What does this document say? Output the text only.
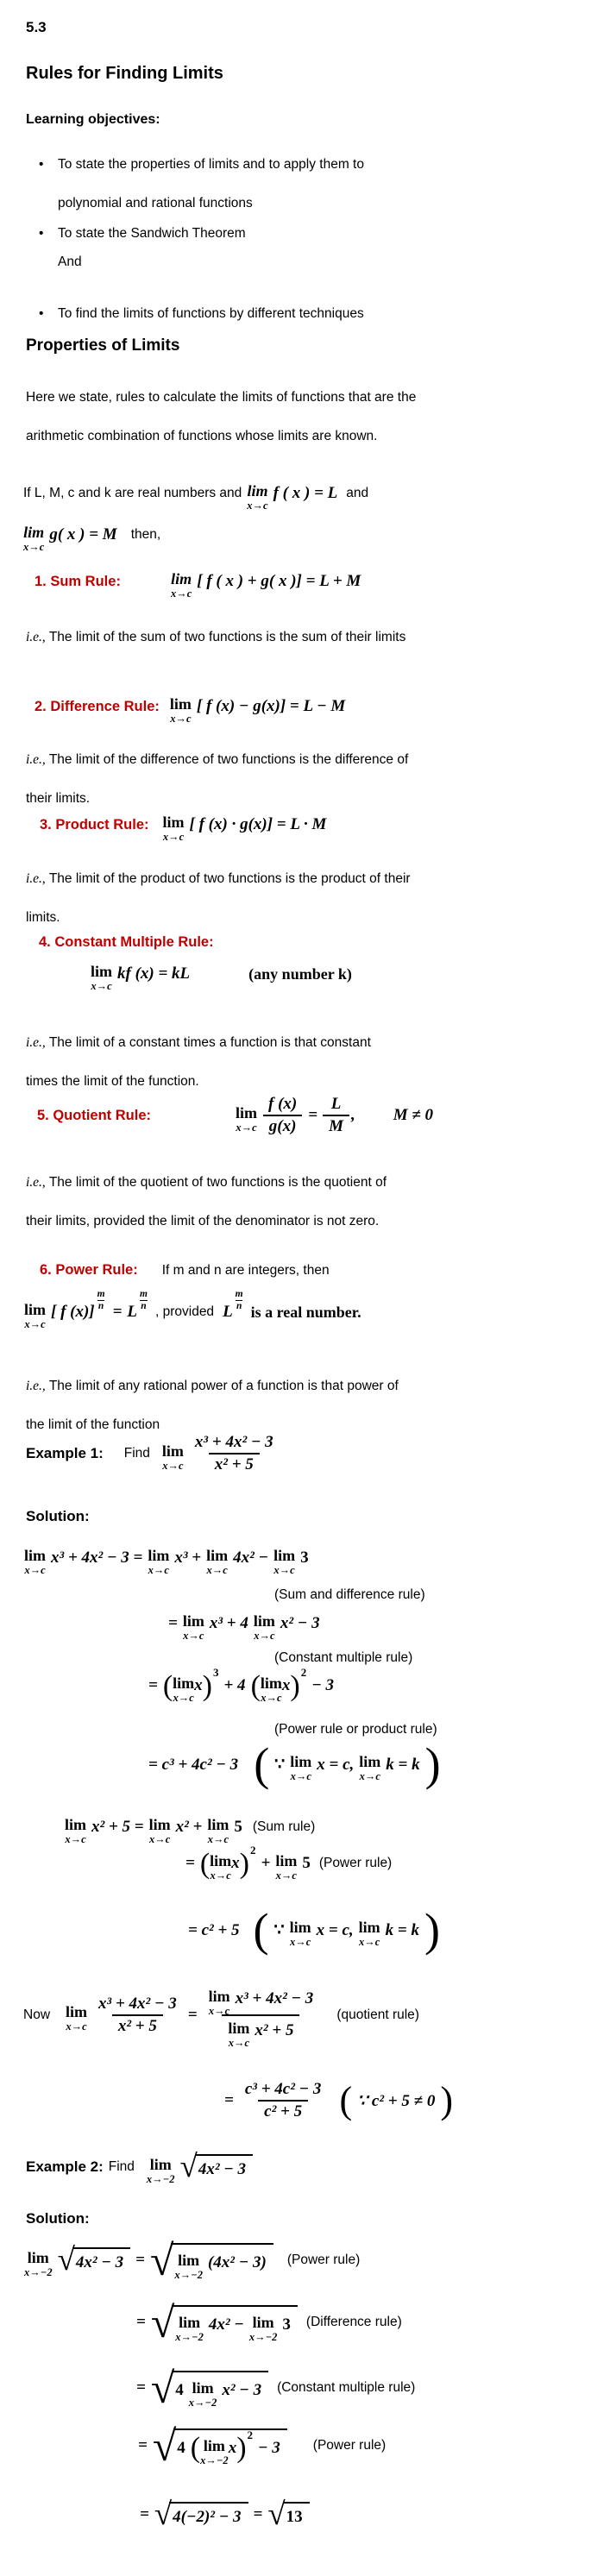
5.3
Rules for Finding Limits
Learning objectives:
• To state the properties of limits and to apply them to polynomial and rational functions
• To state the Sandwich Theorem
And
• To find the limits of functions by different techniques
Properties of Limits
Here we state, rules to calculate the limits of functions that are the arithmetic combination of functions whose limits are known.
If L, M, c and k are real numbers and lim
x→c
f ( x ) = L and
lim
x→c
g( x ) = M then,
1. Sum Rule:	lim
x→c
[ f ( x ) + g( x )] = L + M
i.e., The limit of the sum of two functions is the sum of their limits
2. Difference Rule: lim
x→c
[ f (x) − g(x)] = L − M
i.e., The limit of the difference of two functions is the difference of their limits.
3. Product Rule: lim
x→c
[ f (x) · g(x)] = L · M
i.e., The limit of the product of two functions is the product of their limits.
4. Constant Multiple Rule:
lim
x→c
kf (x) = kL	(any number k)
i.e., The limit of a constant times a function is that constant times the limit of the function.
5. Quotient Rule:	lim
$x\to c \frac{f (x)}{g(x)} = \frac{L}{M}$ , M ≠ 0
i.e., The limit of the quotient of two functions is the quotient of their limits, provided the limit of the denominator is not zero.
6. Power Rule: If m and n are integers, then
lim
x→c
[ f (x)]
m
n = L
m
n , provided L
m
n is a real number.
i.e., The limit of any rational power of a function is that power of the limit of the function
Example 1: Find lim
$x\to c \frac{\text{x³ + 4x² − 3}}{\text{x² + 5}}$
Solution:
lim
x→c
x³ + 4x² − 3 = lim
x→c
x³ + lim
x→c
4x² − lim
x→c
3
(Sum and difference rule)
= lim
x→c
x³ + 4 lim
x→c
x² − 3
(Constant multiple rule)
= ( lim
x→c
x ) 3
+ 4 ( lim
x→c
x ) 2
− 3
(Power rule or product rule)
= c³ + 4c² − 3 ( ∵ lim
x→c
x = c, lim
x→c
k = k )
lim
x→c
x² + 5 = lim
x→c
x² + lim
x→c
5 (Sum rule)
= ( lim
x→c
x ) 2
+ lim
x→c
5 (Power rule)
= c² + 5 ( ∵ lim
x→c
x = c, lim
x→c
k = k )
Now lim
$x\to c \frac{\text{x³ + 4x² − 3}}{\text{x² + 5}} = \lim$
x→c
x³ + 4x² − 3
lim
x→c
x² + 5 (quotient rule)
= $\frac{\text{c³ + 4c² − 3}}{\text{c² + 5}}$ ( ∵ c² + 5 ≠ 0 )
Example 2: Find lim
x→−2 √ 4x² − 3
Solution:
lim
x→−2 √ 4x² − 3 = √ lim
x→−2
(4x² − 3) (Power rule)
= √ lim
x→−2
4x² − lim
x→−2
3 (Difference rule)
= √ 4 lim
x→−2
x² − 3 (Constant multiple rule)
= √ 4 ( lim
x→−2
x ) 2
− 3 (Power rule)
= √ 4(−2)² − 3 = √ 13
